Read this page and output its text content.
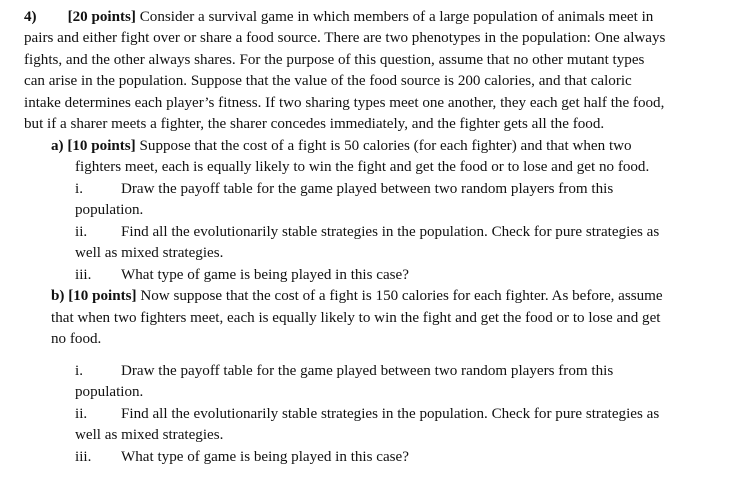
4) [20 points] Consider a survival game in which members of a large population of animals meet in
pairs and either fight over or share a food source. There are two phenotypes in the population: One always
fights, and the other always shares. For the purpose of this question, assume that no other mutant types
can arise in the population. Suppose that the value of the food source is 200 calories, and that caloric
intake determines each player’s fitness. If two sharing types meet one another, they each get half the food,
but if a sharer meets a fighter, the sharer concedes immediately, and the fighter gets all the food.
a) [10 points] Suppose that the cost of a fight is 50 calories (for each fighter) and that when two
fighters meet, each is equally likely to win the fight and get the food or to lose and get no food.
i.	Draw the payoff table for the game played between two random players from this
population.
ii. Find all the evolutionarily stable strategies in the population. Check for pure strategies as
well as mixed strategies.
iii. What type of game is being played in this case?
b) [10 points] Now suppose that the cost of a fight is 150 calories for each fighter. As before, assume
that when two fighters meet, each is equally likely to win the fight and get the food or to lose and get
no food.
i.	Draw the payoff table for the game played between two random players from this
population.
ii. Find all the evolutionarily stable strategies in the population. Check for pure strategies as
well as mixed strategies.
iii. What type of game is being played in this case?
